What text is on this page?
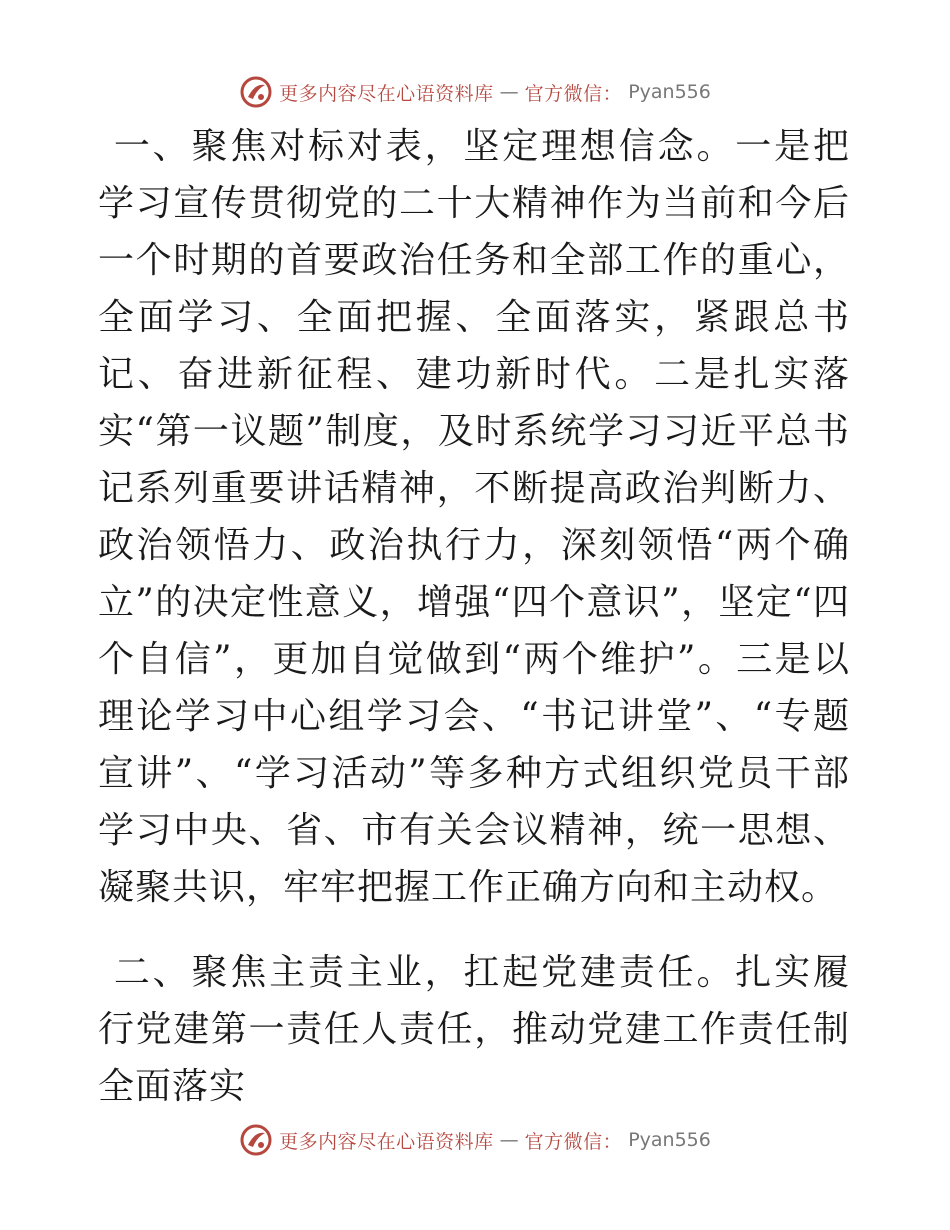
更多内容尽在心语资料库 — 官方微信： Pyan556

一、聚焦对标对表，坚定理想信念。一是把学习宣传贯彻党的二十大精神作为当前和今后一个时期的首要政治任务和全部工作的重心，全面学习、全面把握、全面落实，紧跟总书记、奋进新征程、建功新时代。二是扎实落实“第一议题”制度，及时系统学习习近平总书记系列重要讲话精神，不断提高政治判断力、政治领悟力、政治执行力，深刻领悟“两个确立”的决定性意义，增强“四个意识”，坚定“四个自信”，更加自觉做到“两个维护”。三是以理论学习中心组学习会、“书记讲堂”、“专题宣讲”、“学习活动”等多种方式组织党员干部学习中央、省、市有关会议精神，统一思想、凝聚共识，牢牢把握工作正确方向和主动权。

二、聚焦主责主业，扛起党建责任。扎实履行党建第一责任人责任，推动党建工作责任制全面落实

更多内容尽在心语资料库 — 官方微信： Pyan556
